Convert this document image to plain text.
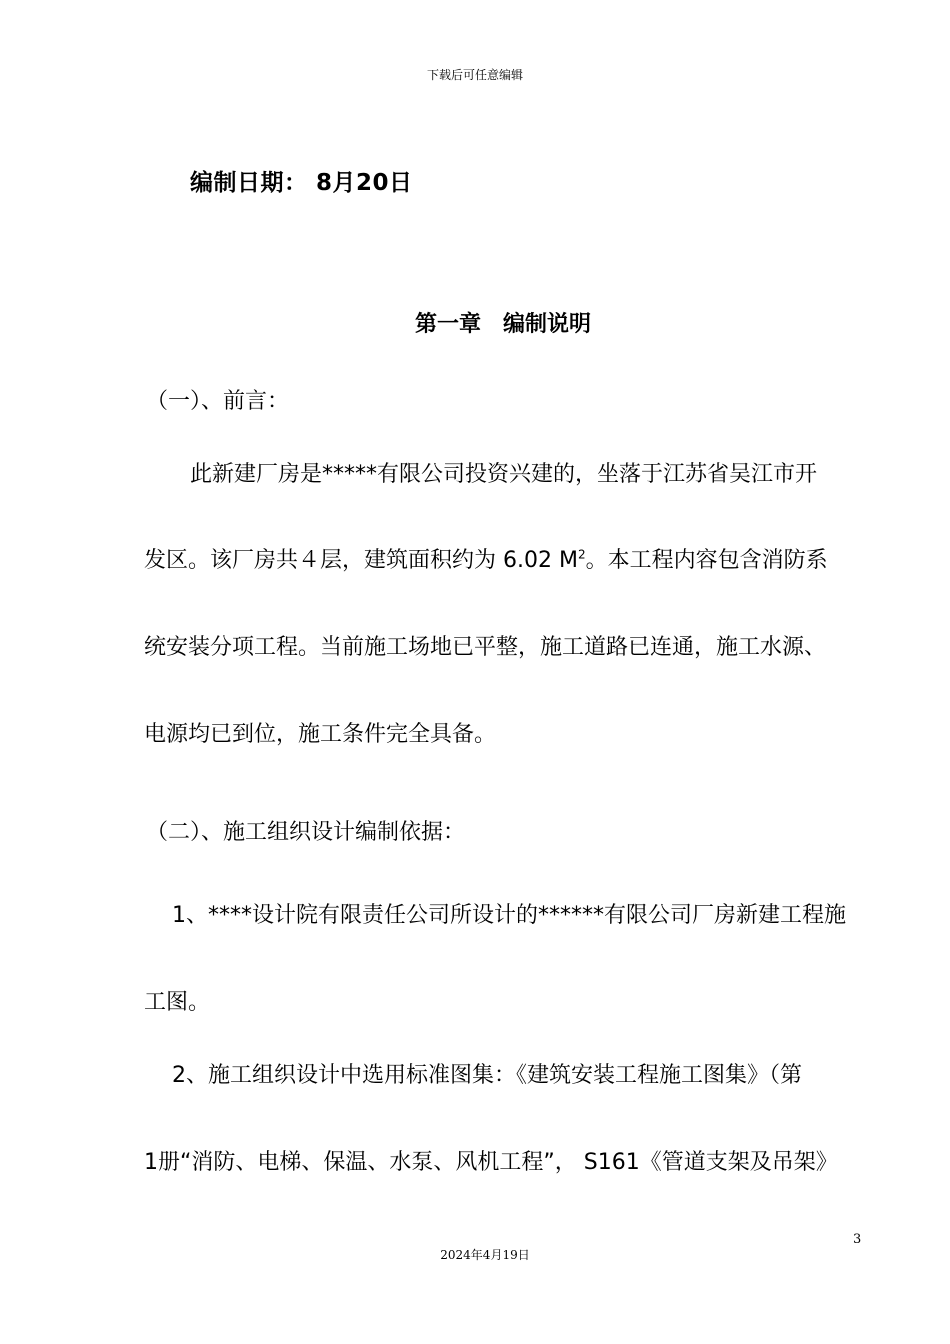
下载后可任意编辑
编制日期： 8月20日
第一章 编制说明
（一）、前言：
此新建厂房是*****有限公司投资兴建的，坐落于江苏省吴江市开
发区。该厂房共４层，建筑面积约为 6.02 $M^2$。本工程内容包含消防系
统安装分项工程。当前施工场地已平整，施工道路已连通，施工水源、
电源均已到位，施工条件完全具备。
（二）、施工组织设计编制依据：
1、****设计院有限责任公司所设计的******有限公司厂房新建工程施
工图。
2、施工组织设计中选用标准图集：《建筑安装工程施工图集》（第
1册“消防、电梯、保温、水泵、风机工程”， S161《管道支架及吊架》
3
2024年4月19日
